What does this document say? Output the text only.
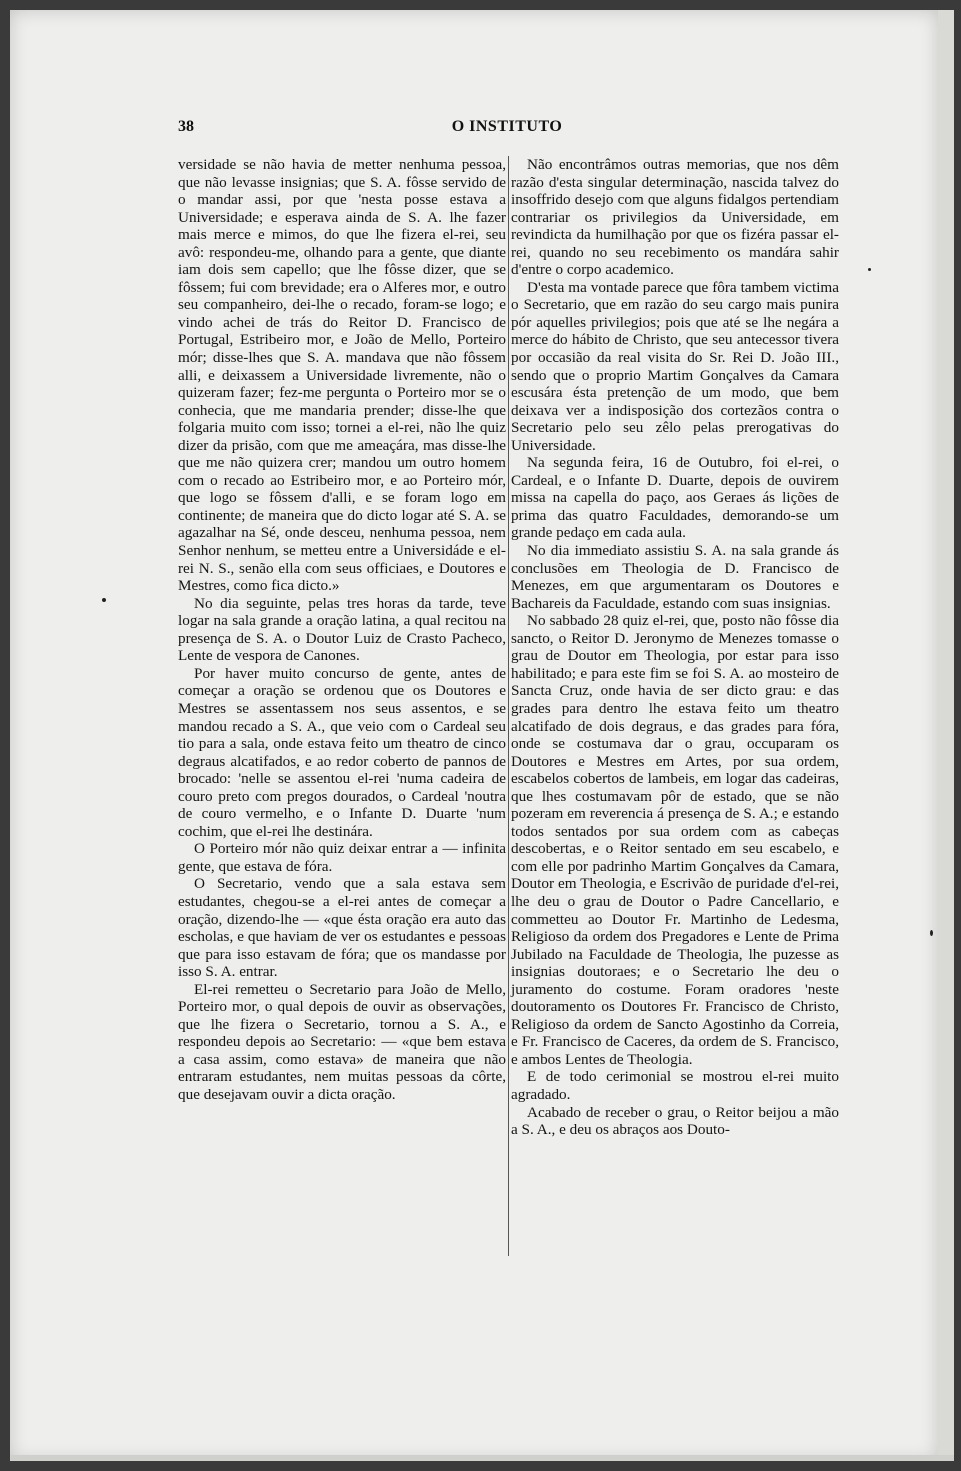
38	O INSTITUTO

versidade se não havia de metter nenhuma pessoa, que não levasse insignias; que S. A. fôsse servido de o mandar assi, por que 'nesta posse estava a Universidade; e esperava ainda de S. A. lhe fazer mais merce e mimos, do que lhe fizera el-rei, seu avô: respondeu-me, olhando para a gente, que diante iam dois sem capello; que lhe fôsse dizer, que se fôssem; fui com brevidade; era o Alferes mor, e outro seu companheiro, dei-lhe o recado, foram-se logo; e vindo achei de trás do Reitor D. Francisco de Portugal, Estribeiro mor, e João de Mello, Porteiro mór; disse-lhes que S. A. mandava que não fôssem alli, e deixassem a Universidade livremente, não o quizeram fazer; fez-me pergunta o Porteiro mor se o conhecia, que me mandaria prender; disse-lhe que folgaria muito com isso; tornei a el-rei, não lhe quiz dizer da prisão, com que me ameaçára, mas disse-lhe que me não quizera crer; mandou um outro homem com o recado ao Estribeiro mor, e ao Porteiro mór, que logo se fôssem d'alli, e se foram logo em continente; de maneira que do dicto logar até S. A. se agazalhar na Sé, onde desceu, nenhuma pessoa, nem Senhor nenhum, se metteu entre a Universidáde e el-rei N. S., senão ella com seus officiaes, e Doutores e Mestres, como fica dicto.»

No dia seguinte, pelas tres horas da tarde, teve logar na sala grande a oração latina, a qual recitou na presença de S. A. o Doutor Luiz de Crasto Pacheco, Lente de vespora de Canones.

Por haver muito concurso de gente, antes de começar a oração se ordenou que os Doutores e Mestres se assentassem nos seus assentos, e se mandou recado a S. A., que veio com o Cardeal seu tio para a sala, onde estava feito um theatro de cinco degraus alcatifados, e ao redor coberto de pannos de brocado: 'nelle se assentou el-rei 'numa cadeira de couro preto com pregos dourados, o Cardeal 'noutra de couro vermelho, e o Infante D. Duarte 'num cochim, que el-rei lhe destinára.

O Porteiro mór não quiz deixar entrar a — infinita gente, que estava de fóra.

O Secretario, vendo que a sala estava sem estudantes, chegou-se a el-rei antes de começar a oração, dizendo-lhe — «que ésta oração era auto das escholas, e que haviam de ver os estudantes e pessoas que para isso estavam de fóra; que os mandasse por isso S. A. entrar.

El-rei remetteu o Secretario para João de Mello, Porteiro mor, o qual depois de ouvir as observações, que lhe fizera o Secretario, tornou a S. A., e respondeu depois ao Secretario: — «que bem estava a casa assim, como estava» de maneira que não entraram estudantes, nem muitas pessoas da côrte, que desejavam ouvir a dicta oração.

Não encontrâmos outras memorias, que nos dêm razão d'esta singular determinação, nascida talvez do insoffrido desejo com que alguns fidalgos pertendiam contrariar os privilegios da Universidade, em revindicta da humilhação por que os fizéra passar el-rei, quando no seu recebimento os mandára sahir d'entre o corpo academico.

D'esta ma vontade parece que fôra tambem victima o Secretario, que em razão do seu cargo mais punira pór aquelles privilegios; pois que até se lhe negára a merce do hábito de Christo, que seu antecessor tivera por occasião da real visita do Sr. Rei D. João III., sendo que o proprio Martim Gonçalves da Camara escusára ésta pretenção de um modo, que bem deixava ver a indisposição dos cortezãos contra o Secretario pelo seu zêlo pelas prerogativas do Universidade.

Na segunda feira, 16 de Outubro, foi el-rei, o Cardeal, e o Infante D. Duarte, depois de ouvirem missa na capella do paço, aos Geraes ás lições de prima das quatro Faculdades, demorando-se um grande pedaço em cada aula.

No dia immediato assistiu S. A. na sala grande ás conclusões em Theologia de D. Francisco de Menezes, em que argumentaram os Doutores e Bachareis da Faculdade, estando com suas insignias.

No sabbado 28 quiz el-rei, que, posto não fôsse dia sancto, o Reitor D. Jeronymo de Menezes tomasse o grau de Doutor em Theologia, por estar para isso habilitado; e para este fim se foi S. A. ao mosteiro de Sancta Cruz, onde havia de ser dicto grau: e das grades para dentro lhe estava feito um theatro alcatifado de dois degraus, e das grades para fóra, onde se costumava dar o grau, occuparam os Doutores e Mestres em Artes, por sua ordem, escabelos cobertos de lambeis, em logar das cadeiras, que lhes costumavam pôr de estado, que se não pozeram em reverencia á presença de S. A.; e estando todos sentados por sua ordem com as cabeças descobertas, e o Reitor sentado em seu escabelo, e com elle por padrinho Martim Gonçalves da Camara, Doutor em Theologia, e Escrivão de puridade d'el-rei, lhe deu o grau de Doutor o Padre Cancellario, e commetteu ao Doutor Fr. Martinho de Ledesma, Religioso da ordem dos Pregadores e Lente de Prima Jubilado na Faculdade de Theologia, lhe puzesse as insignias doutoraes; e o Secretario lhe deu o juramento do costume. Foram oradores 'neste doutoramento os Doutores Fr. Francisco de Christo, Religioso da ordem de Sancto Agostinho da Correia, e Fr. Francisco de Caceres, da ordem de S. Francisco, e ambos Lentes de Theologia.

E de todo cerimonial se mostrou el-rei muito agradado.

Acabado de receber o grau, o Reitor beijou a mão a S. A., e deu os abraços aos Douto-
